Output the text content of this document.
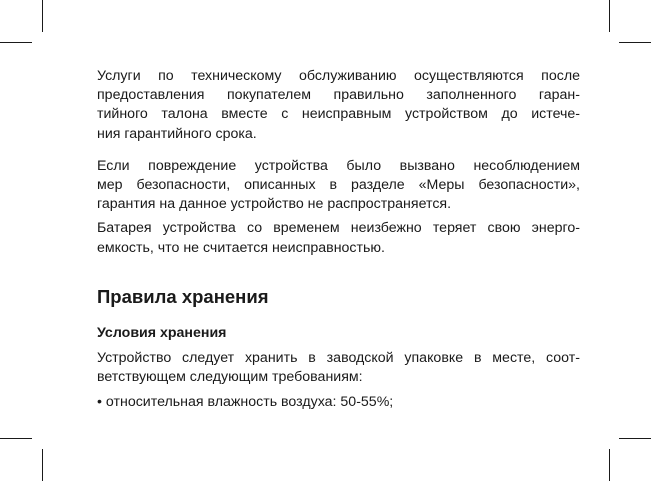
Услуги по техническому обслуживанию осуществляются после
предоставления покупателем правильно заполненного гаран-
тийного талона вместе с неисправным устройством до истече-
ния гарантийного срока.

Если повреждение устройства было вызвано несоблюдением
мер безопасности, описанных в разделе «Меры безопасности»,
гарантия на данное устройство не распространяется.

Батарея устройства со временем неизбежно теряет свою энерго-
емкость, что не считается неисправностью.

Правила хранения
Условия хранения

Устройство следует хранить в заводской упаковке в месте, соот-
ветствующем следующим требованиям:

• относительная влажность воздуха: 50-55%;
